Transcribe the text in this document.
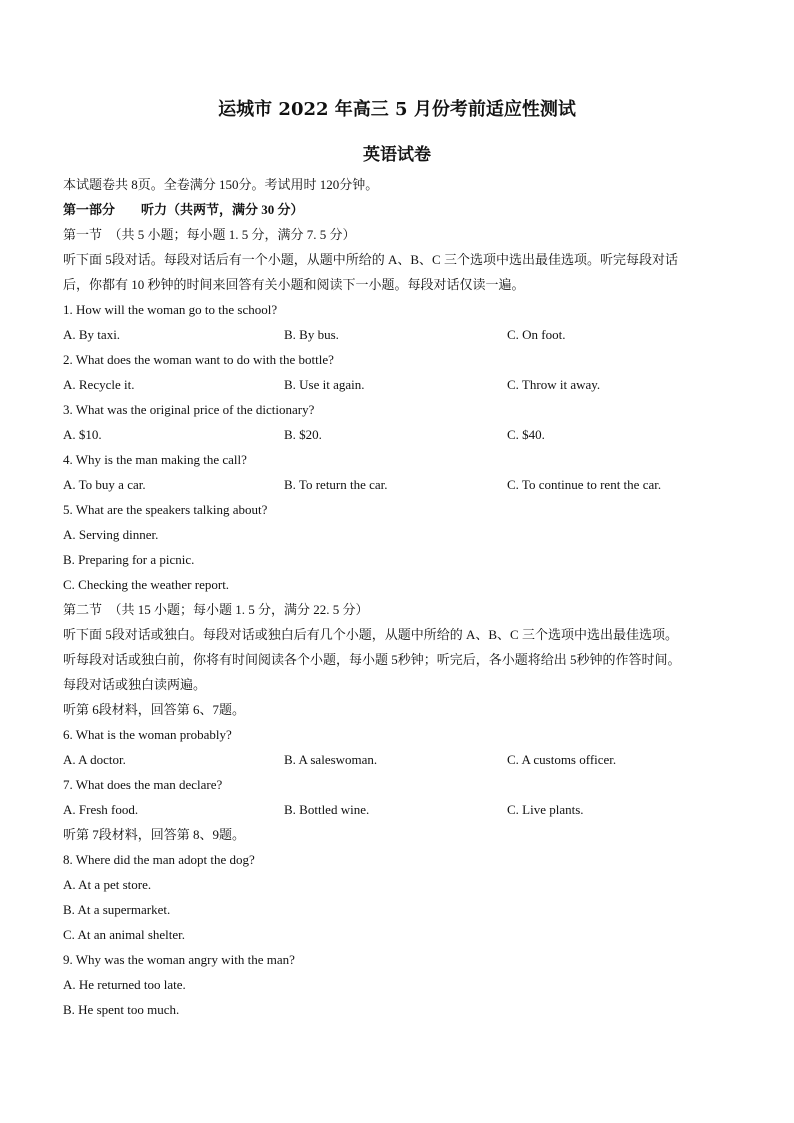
运城市 2022 年高三 5 月份考前适应性测试
英语试卷
本试题卷共 8页。全卷满分 150分。考试用时 120分钟。
第一部分　　听力（共两节，满分 30 分）
第一节　（共 5 小题；每小题 1. 5 分，满分 7. 5 分）
听下面 5段对话。每段对话后有一个小题，从题中所给的 A、B、C 三个选项中选出最佳选项。听完每段对话
后，你都有 10 秒钟的时间来回答有关小题和阅读下一小题。每段对话仅读一遍。
1. How will the woman go to the school?
A. By taxi.	B. By bus.	C. On foot.
2. What does the woman want to do with the bottle?
A. Recycle it.	B. Use it again.	C. Throw it away.
3. What was the original price of the dictionary?
A. $10.	B. $20.	C. $40.
4. Why is the man making the call?
A. To buy a car.	B. To return the car.	C. To continue to rent the car.
5. What are the speakers talking about?
A. Serving dinner.
B. Preparing for a picnic.
C. Checking the weather report.
第二节　（共 15 小题；每小题 1. 5 分，满分 22. 5 分）
听下面 5段对话或独白。每段对话或独白后有几个小题，从题中所给的 A、B、C 三个选项中选出最佳选项。
听每段对话或独白前，你将有时间阅读各个小题，每小题 5秒钟；听完后，各小题将给出 5秒钟的作答时间。
每段对话或独白读两遍。
听第 6段材料，回答第 6、7题。
6. What is the woman probably?
A. A doctor.	B. A saleswoman.	C. A customs officer.
7. What does the man declare?
A. Fresh food.	B. Bottled wine.	C. Live plants.
听第 7段材料，回答第 8、9题。
8. Where did the man adopt the dog?
A. At a pet store.
B. At a supermarket.
C. At an animal shelter.
9. Why was the woman angry with the man?
A. He returned too late.
B. He spent too much.
